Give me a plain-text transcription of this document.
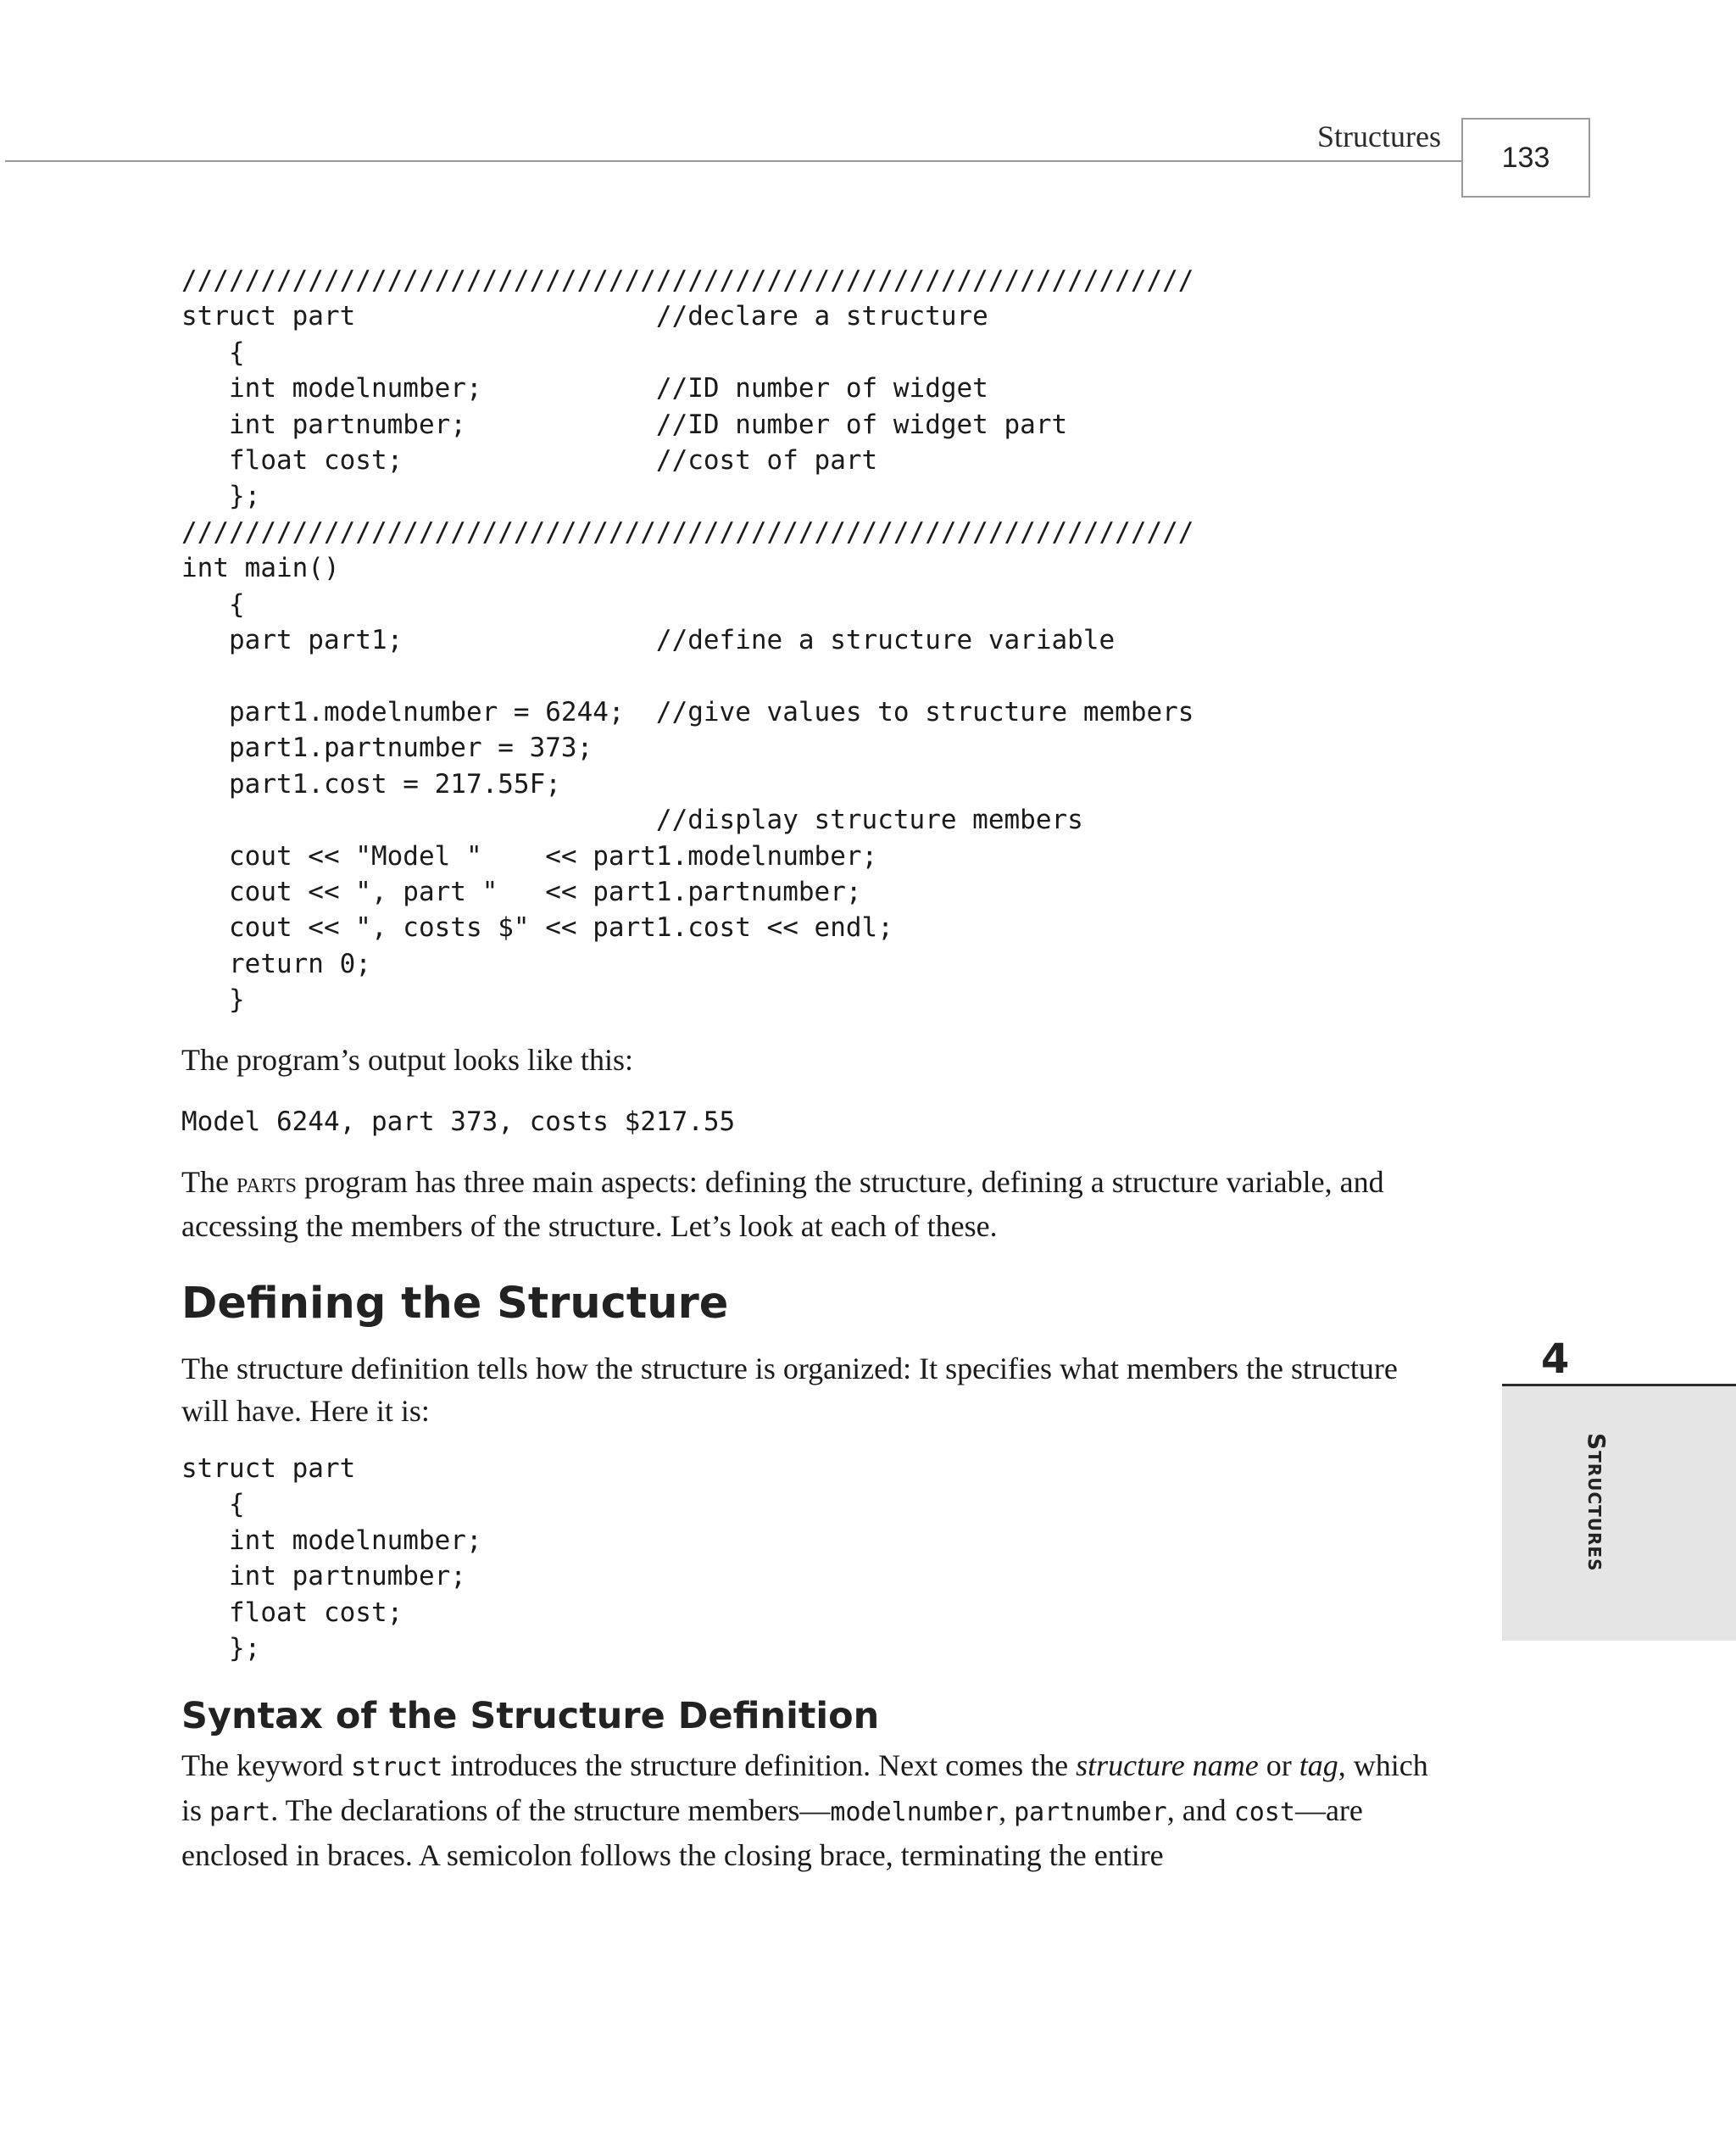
Structures
133
////////////////////////////////////////////////////////////////
struct part                   //declare a structure
{
int modelnumber;           //ID number of widget
int partnumber;            //ID number of widget part
float cost;                //cost of part
};
////////////////////////////////////////////////////////////////
int main()
{
part part1;                //define a structure variable

part1.modelnumber = 6244;  //give values to structure members
part1.partnumber = 373;
part1.cost = 217.55F;
//display structure members
cout << "Model "    << part1.modelnumber;
cout << ", part "   << part1.partnumber;
cout << ", costs $" << part1.cost << endl;
return 0;
}

The program’s output looks like this:

Model 6244, part 373, costs $217.55

The parts program has three main aspects: defining the structure, defining a structure variable, and accessing the members of the structure. Let’s look at each of these.

Defining the Structure

The structure definition tells how the structure is organized: It specifies what members the structure will have. Here it is:

struct part
{
int modelnumber;
int partnumber;
float cost;
};
Syntax of the Structure Definition

The keyword struct introduces the structure definition. Next comes the structure name or tag, which is part. The declarations of the structure members—modelnumber, partnumber, and cost—are enclosed in braces. A semicolon follows the closing brace, terminating the entire

4
Structures
